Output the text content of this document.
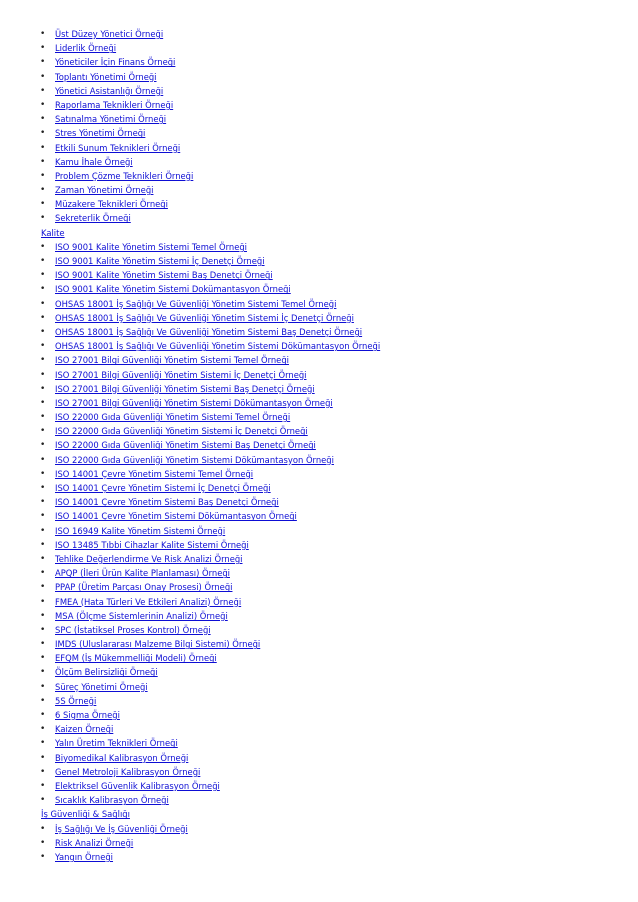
• Üst Düzey Yönetici Örneği
• Liderlik Örneği
• Yöneticiler İçin Finans Örneği
• Toplantı Yönetimi Örneği
• Yönetici Asistanlığı Örneği
• Raporlama Teknikleri Örneği
• Satınalma Yönetimi Örneği
• Stres Yönetimi Örneği
• Etkili Sunum Teknikleri Örneği
• Kamu İhale Örneği
• Problem Çözme Teknikleri Örneği
• Zaman Yönetimi Örneği
• Müzakere Teknikleri Örneği
• Sekreterlik Örneği
Kalite
• ISO 9001 Kalite Yönetim Sistemi Temel Örneği
• ISO 9001 Kalite Yönetim Sistemi İç Denetçi Örneği
• ISO 9001 Kalite Yönetim Sistemi Baş Denetçi Örneği
• ISO 9001 Kalite Yönetim Sistemi Dokümantasyon Örneği
• OHSAS 18001 İş Sağlığı Ve Güvenliği Yönetim Sistemi Temel Örneği
• OHSAS 18001 İş Sağlığı Ve Güvenliği Yönetim Sistemi İç Denetçi Örneği
• OHSAS 18001 İş Sağlığı Ve Güvenliği Yönetim Sistemi Baş Denetçi Örneği
• OHSAS 18001 İş Sağlığı Ve Güvenliği Yönetim Sistemi Dökümantasyon Örneği
• ISO 27001 Bilgi Güvenliği Yönetim Sistemi Temel Örneği
• ISO 27001 Bilgi Güvenliği Yönetim Sistemi İç Denetçi Örneği
• ISO 27001 Bilgi Güvenliği Yönetim Sistemi Baş Denetçi Örneği
• ISO 27001 Bilgi Güvenliği Yönetim Sistemi Dökümantasyon Örneği
• ISO 22000 Gıda Güvenliği Yönetim Sistemi Temel Örneği
• ISO 22000 Gıda Güvenliği Yönetim Sistemi İç Denetçi Örneği
• ISO 22000 Gıda Güvenliği Yönetim Sistemi Baş Denetçi Örneği
• ISO 22000 Gıda Güvenliği Yönetim Sistemi Dökümantasyon Örneği
• ISO 14001 Çevre Yönetim Sistemi Temel Örneği
• ISO 14001 Çevre Yönetim Sistemi İç Denetçi Örneği
• ISO 14001 Çevre Yönetim Sistemi Baş Denetçi Örneği
• ISO 14001 Çevre Yönetim Sistemi Dökümantasyon Örneği
• ISO 16949 Kalite Yönetim Sistemi Örneği
• ISO 13485 Tıbbi Cihazlar Kalite Sistemi Örneği
• Tehlike Değerlendirme Ve Risk Analizi Örneği
• APQP (İleri Ürün Kalite Planlaması) Örneği
• PPAP (Üretim Parçası Onay Prosesi) Örneği
• FMEA (Hata Türleri Ve Etkileri Analizi) Örneği
• MSA (Ölçme Sistemlerinin Analizi) Örneği
• SPC (İstatiksel Proses Kontrol) Örneği
• IMDS (Uluslararası Malzeme Bilgi Sistemi) Örneği
• EFQM (İş Mükemmelliği Modeli) Örneği
• Ölçüm Belirsizliği Örneği
• Süreç Yönetimi Örneği
• 5S Örneği
• 6 Sigma Örneği
• Kaizen Örneği
• Yalın Üretim Teknikleri Örneği
• Biyomedikal Kalibrasyon Örneği
• Genel Metroloji Kalibrasyon Örneği
• Elektriksel Güvenlik Kalibrasyon Örneği
• Sıcaklık Kalibrasyon Örneği
İş Güvenliği & Sağlığı
• İş Sağlığı Ve İş Güvenliği Örneği
• Risk Analizi Örneği
• Yangın Örneği
